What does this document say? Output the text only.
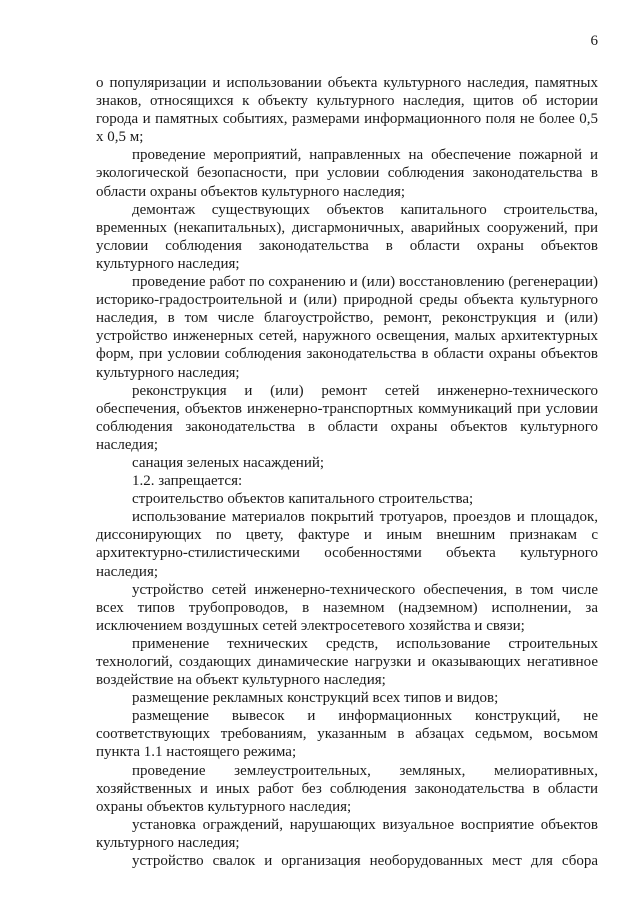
6

о популяризации и использовании объекта культурного наследия, памятных знаков, относящихся к объекту культурного наследия, щитов об истории города и памятных событиях, размерами информационного поля не более 0,5 х 0,5 м;

проведение мероприятий, направленных на обеспечение пожарной и экологической безопасности, при условии соблюдения законодательства в области охраны объектов культурного наследия;

демонтаж существующих объектов капитального строительства, временных (некапитальных), дисгармоничных, аварийных сооружений, при условии соблюдения законодательства в области охраны объектов культурного наследия;

проведение работ по сохранению и (или) восстановлению (регенерации) историко-градостроительной и (или) природной среды объекта культурного наследия, в том числе благоустройство, ремонт, реконструкция и (или) устройство инженерных сетей, наружного освещения, малых архитектурных форм, при условии соблюдения законодательства в области охраны объектов культурного наследия;

реконструкция и (или) ремонт сетей инженерно-технического обеспечения, объектов инженерно-транспортных коммуникаций при условии соблюдения законодательства в области охраны объектов культурного наследия;

санация зеленых насаждений;

1.2. запрещается:

строительство объектов капитального строительства;

использование материалов покрытий тротуаров, проездов и площадок, диссонирующих по цвету, фактуре и иным внешним признакам с архитектурно-стилистическими особенностями объекта культурного наследия;

устройство сетей инженерно-технического обеспечения, в том числе всех типов трубопроводов, в наземном (надземном) исполнении, за исключением воздушных сетей электросетевого хозяйства и связи;

применение технических средств, использование строительных технологий, создающих динамические нагрузки и оказывающих негативное воздействие на объект культурного наследия;

размещение рекламных конструкций всех типов и видов;

размещение вывесок и информационных конструкций, не соответствующих требованиям, указанным в абзацах седьмом, восьмом пункта 1.1 настоящего режима;

проведение землеустроительных, земляных, мелиоративных, хозяйственных и иных работ без соблюдения законодательства в области охраны объектов культурного наследия;

установка ограждений, нарушающих визуальное восприятие объектов культурного наследия;

устройство свалок и организация необорудованных мест для сбора
